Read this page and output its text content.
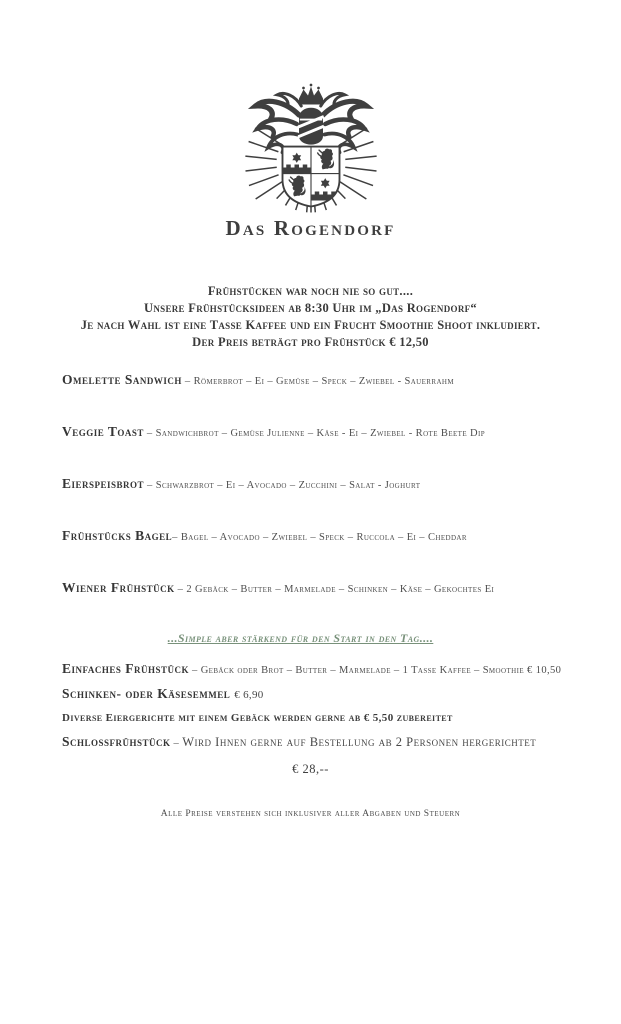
Das Rogendorf
Frühstücken war noch nie so gut....
Unsere Frühstücksideen ab 8:30 Uhr im „Das Rogendorf“
Je nach Wahl ist eine Tasse Kaffee und ein Frucht Smoothie Shoot inkludiert.
Der Preis beträgt pro Frühstück € 12,50
Omelette Sandwich – Römerbrot – Ei – Gemüse – Speck – Zwiebel - Sauerrahm
Veggie Toast – Sandwichbrot – Gemüse Julienne – Käse - Ei – Zwiebel - Rote Beete Dip
Eierspeisbrot – Schwarzbrot – Ei – Avocado – Zucchini – Salat - Joghurt
Frühstücks Bagel– Bagel – Avocado – Zwiebel – Speck – Ruccola – Ei – Cheddar
Wiener Frühstück – 2 Gebäck – Butter – Marmelade – Schinken – Käse – Gekochtes Ei
...Simple aber stärkend für den Start in den Tag....
Einfaches Frühstück – Gebäck oder Brot – Butter – Marmelade – 1 Tasse Kaffee – Smoothie € 10,50
Schinken- oder Käsesemmel € 6,90
Diverse Eiergerichte mit einem Gebäck werden gerne ab € 5,50 zubereitet
Schlossfrühstück – Wird Ihnen gerne auf Bestellung ab 2 Personen hergerichtet
€ 28,--
Alle Preise verstehen sich inklusiver aller Abgaben und Steuern
